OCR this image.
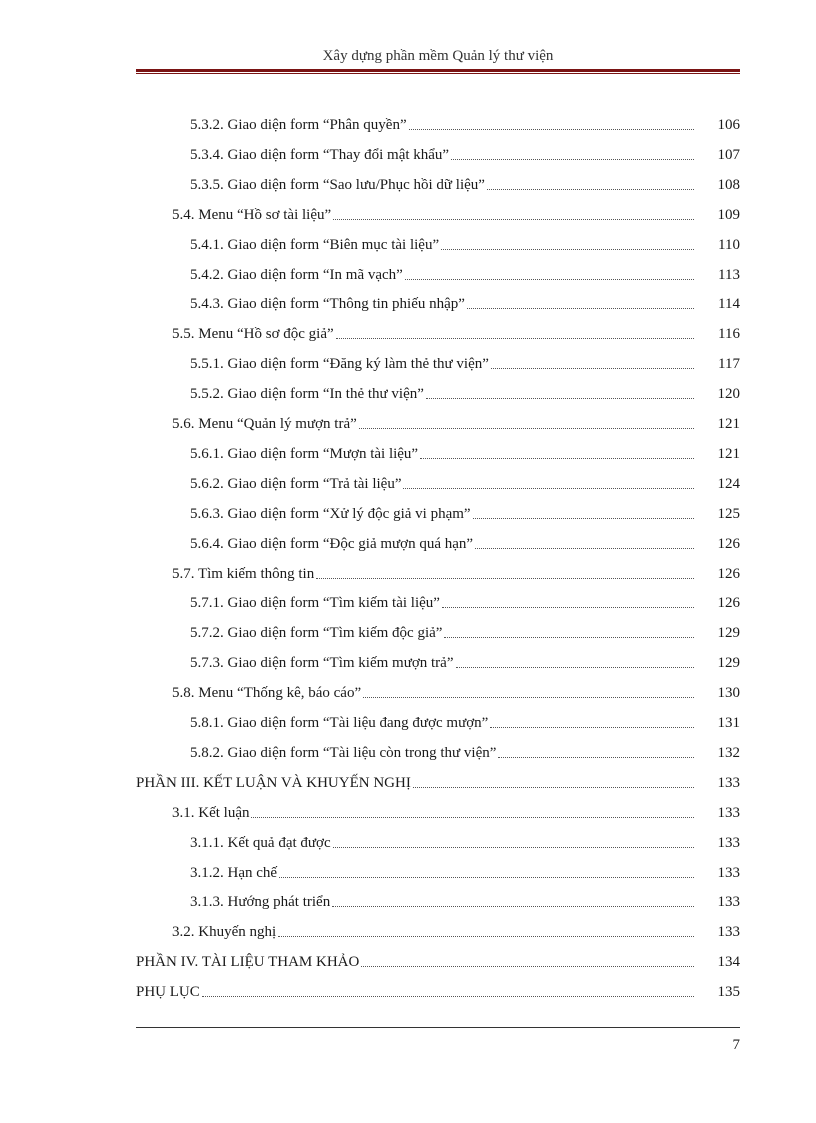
Xây dựng phần mềm Quản lý thư viện
5.3.2. Giao diện form “Phân quyền”	106
5.3.4. Giao diện form “Thay đổi mật khẩu”	107
5.3.5. Giao diện form “Sao lưu/Phục hồi dữ liệu”	108
5.4. Menu “Hồ sơ tài liệu”	109
5.4.1. Giao diện form “Biên mục tài liệu”	110
5.4.2. Giao diện form “In mã vạch”	113
5.4.3. Giao diện form “Thông tin phiếu nhập”	114
5.5. Menu “Hồ sơ độc giả”	116
5.5.1. Giao diện form “Đăng ký làm thẻ thư viện”	117
5.5.2. Giao diện form “In thẻ thư viện”	120
5.6. Menu “Quản lý mượn trả”	121
5.6.1. Giao diện form “Mượn tài liệu”	121
5.6.2. Giao diện form “Trả tài liệu”	124
5.6.3. Giao diện form “Xử lý độc giả vi phạm”	125
5.6.4. Giao diện form “Độc giả mượn quá hạn”	126
5.7. Tìm kiếm thông tin	126
5.7.1. Giao diện form “Tìm kiếm tài liệu”	126
5.7.2. Giao diện form “Tìm kiếm độc giả”	129
5.7.3. Giao diện form “Tìm kiếm mượn trả”	129
5.8. Menu “Thống kê, báo cáo”	130
5.8.1. Giao diện form “Tài liệu đang được mượn”	131
5.8.2. Giao diện form “Tài liệu còn trong thư viện”	132
PHẦN III. KẾT LUẬN VÀ KHUYẾN NGHỊ	133
3.1. Kết luận	133
3.1.1. Kết quả đạt được	133
3.1.2. Hạn chế	133
3.1.3. Hướng phát triển	133
3.2. Khuyến nghị	133
PHẦN IV. TÀI LIỆU THAM KHẢO	134
PHỤ LỤC	135
7
